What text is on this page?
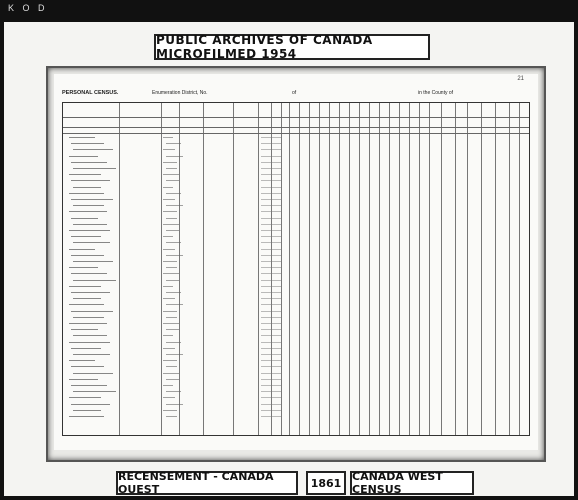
K O D
PUBLIC ARCHIVES OF CANADA MICROFILMED 1954
21
PERSONAL CENSUS.	Enumeration District, No.	of	in the County of
RECENSEMENT - CANADA OUEST	1861 CANADA WEST CENSUS
